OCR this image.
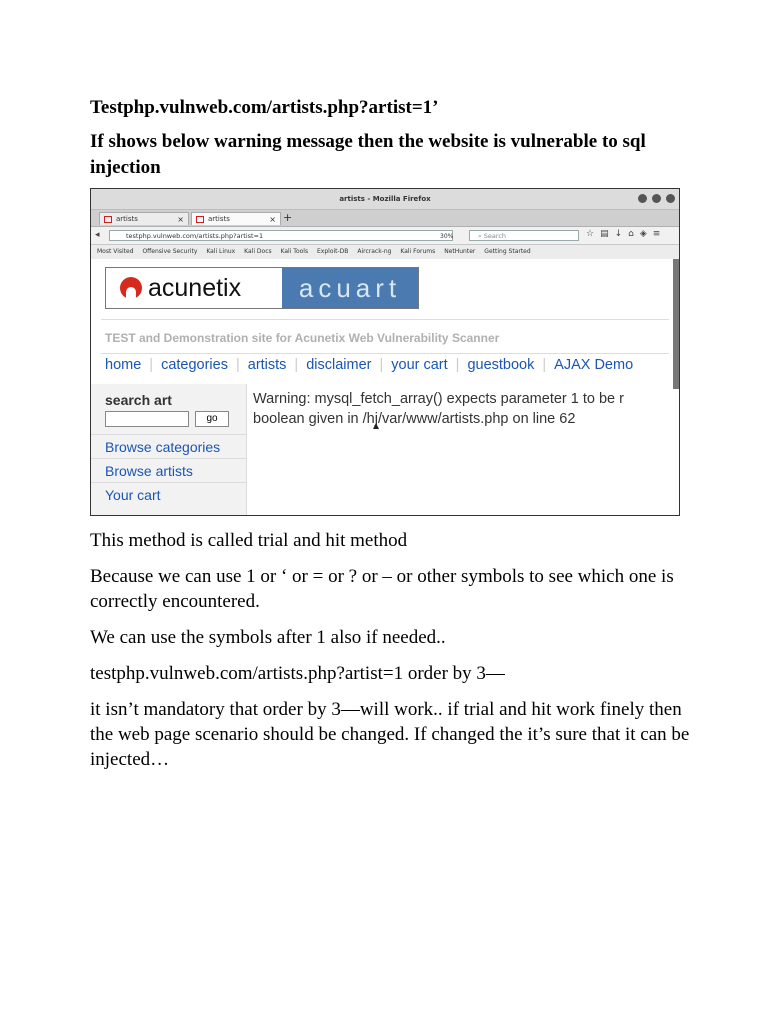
Testphp.vulnweb.com/artists.php?artist=1’
If shows below warning message then the website is vulnerable to sql injection
artists - Mozilla Firefox
artists	×	artists	× +
◂	testphp.vulnweb.com/artists.php?artist=1	30%	⌕ Search	☆▤↓⌂◈≡
Most Visited Offensive Security Kali Linux Kali Docs Kali Tools Exploit-DB Aircrack-ng Kali Forums NetHunter Getting Started
acunetix	acuart
TEST and Demonstration site for Acunetix Web Vulnerability Scanner
home | categories | artists | disclaimer | your cart | guestbook | AJAX Demo
search art
go
Browse categories
Browse artists
Your cart
Warning: mysql_fetch_array() expects parameter 1 to be r
boolean given in /hj/var/www/artists.php on line 62
This method is called trial and hit method
Because we can use 1 or ‘ or = or ? or – or other symbols to see which one is correctly encountered.
We can use the symbols after 1 also if needed..
testphp.vulnweb.com/artists.php?artist=1 order by 3—
it isn’t mandatory that order by 3—will work.. if trial and hit work finely then the web page scenario should be changed. If changed the it’s sure that it can be injected…
